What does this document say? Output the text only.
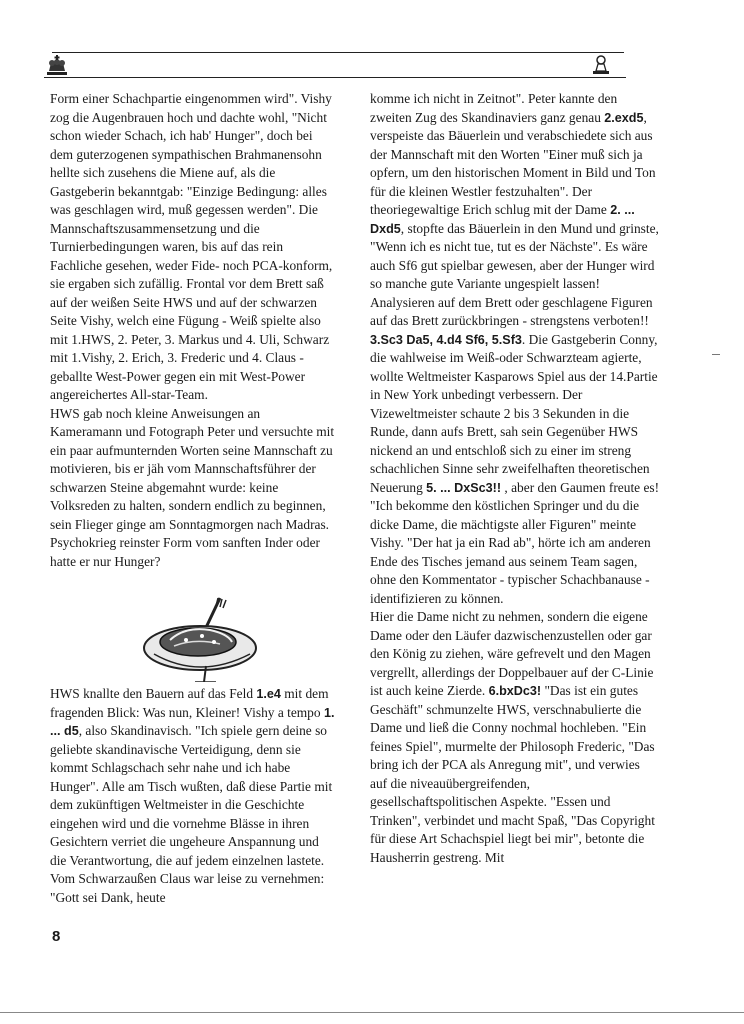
Form einer Schachpartie eingenommen wird". Vishy zog die Augenbrauen hoch und dachte wohl, "Nicht schon wieder Schach, ich hab' Hunger", doch bei dem guterzogenen sympathischen Brahmanensohn hellte sich zusehens die Miene auf, als die Gastgeberin bekanntgab: "Einzige Bedingung: alles was geschlagen wird, muß gegessen werden". Die Mannschaftszusammensetzung und die Turnierbedingungen waren, bis auf das rein Fachliche gesehen, weder Fide- noch PCA-konform, sie ergaben sich zufällig. Frontal vor dem Brett saß auf der weißen Seite HWS und auf der schwarzen Seite Vishy, welch eine Fügung - Weiß spielte also mit 1.HWS, 2. Peter, 3. Markus und 4. Uli, Schwarz mit 1.Vishy, 2. Erich, 3. Frederic und 4. Claus - geballte West-Power gegen ein mit West-Power angereichertes All-star-Team.

HWS gab noch kleine Anweisungen an Kameramann und Fotograph Peter und versuchte mit ein paar aufmunternden Worten seine Mannschaft zu motivieren, bis er jäh vom Mannschaftsführer der schwarzen Steine abgemahnt wurde: keine Volksreden zu halten, sondern endlich zu beginnen, sein Flieger ginge am Sonntagmorgen nach Madras. Psychokrieg reinster Form vom sanften Inder oder hatte er nur Hunger?

HWS knallte den Bauern auf das Feld 1.e4 mit dem fragenden Blick: Was nun, Kleiner! Vishy a tempo 1. ... d5, also Skandinavisch. "Ich spiele gern deine so geliebte skandinavische Verteidigung, denn sie kommt Schlagschach sehr nahe und ich habe Hunger". Alle am Tisch wußten, daß diese Partie mit dem zukünftigen Weltmeister in die Geschichte eingehen wird und die vornehme Blässe in ihren Gesichtern verriet die ungeheure Anspannung und die Verantwortung, die auf jedem einzelnen lastete. Vom Schwarzaußen Claus war leise zu vernehmen: "Gott sei Dank, heute

komme ich nicht in Zeitnot". Peter kannte den zweiten Zug des Skandinaviers ganz genau 2.exd5, verspeiste das Bäuerlein und verabschiedete sich aus der Mannschaft mit den Worten "Einer muß sich ja opfern, um den historischen Moment in Bild und Ton für die kleinen Westler festzuhalten". Der theoriegewaltige Erich schlug mit der Dame 2. ... Dxd5, stopfte das Bäuerlein in den Mund und grinste, "Wenn ich es nicht tue, tut es der Nächste". Es wäre auch Sf6 gut spielbar gewesen, aber der Hunger wird so manche gute Variante ungespielt lassen! Analysieren auf dem Brett oder geschlagene Figuren auf das Brett zurückbringen - strengstens verboten!! 3.Sc3 Da5, 4.d4 Sf6, 5.Sf3. Die Gastgeberin Conny, die wahlweise im Weiß-oder Schwarzteam agierte, wollte Weltmeister Kasparows Spiel aus der 14.Partie in New York unbedingt verbessern. Der Vizeweltmeister schaute 2 bis 3 Sekunden in die Runde, dann aufs Brett, sah sein Gegenüber HWS nickend an und entschloß sich zu einer im streng schachlichen Sinne sehr zweifelhaften theoretischen Neuerung 5. ... DxSc3!! , aber den Gaumen freute es! "Ich bekomme den köstlichen Springer und du die dicke Dame, die mächtigste aller Figuren" meinte Vishy. "Der hat ja ein Rad ab", hörte ich am anderen Ende des Tisches jemand aus seinem Team sagen, ohne den Kommentator - typischer Schachbanause - identifizieren zu können.

Hier die Dame nicht zu nehmen, sondern die eigene Dame oder den Läufer dazwischenzustellen oder gar den König zu ziehen, wäre gefrevelt und den Magen vergrellt, allerdings der Doppelbauer auf der C-Linie ist auch keine Zierde. 6.bxDc3! "Das ist ein gutes Geschäft" schmunzelte HWS, verschnabulierte die Dame und ließ die Conny nochmal hochleben. "Ein feines Spiel", murmelte der Philosoph Frederic, "Das bring ich der PCA als Anregung mit", und verwies auf die niveauübergreifenden, gesellschaftspolitischen Aspekte. "Essen und Trinken", verbindet und macht Spaß, "Das Copyright für diese Art Schachspiel liegt bei mir", betonte die Hausherrin gestreng. Mit

8
